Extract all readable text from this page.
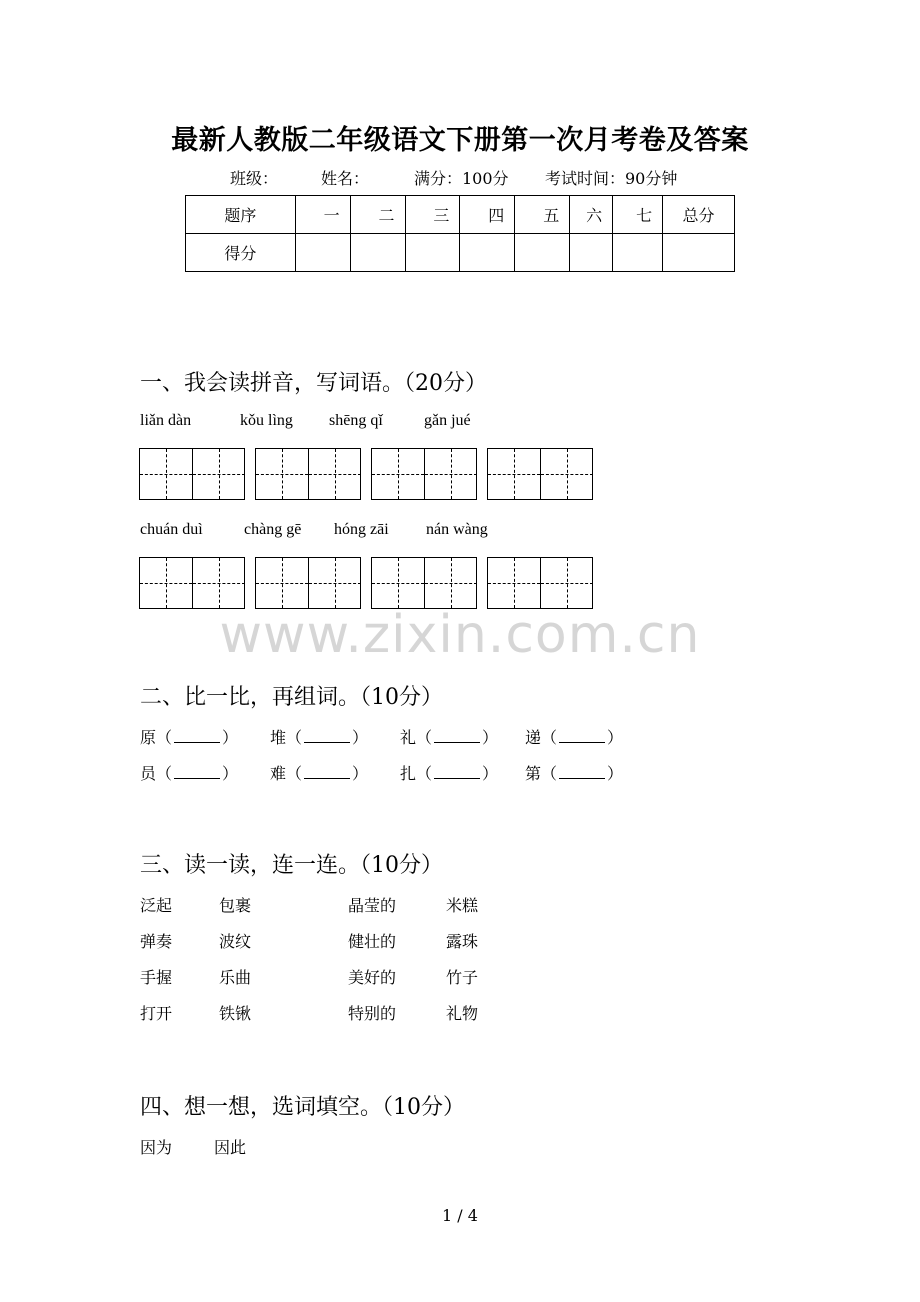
最新人教版二年级语文下册第一次月考卷及答案
班级：	姓名：	满分：100分 考试时间：90分钟
题序	一	二	三	四	五	六	七	总分
得分								
一、我会读拼音，写词语。（20分）
liǎn dàn	kǒu lìng shēng qǐ	gǎn jué
chuán duì	chàng gē hóng zāi nán wàng
www.zixin.com.cn
二、比一比，再组词。（10分）
原（	） 堆（	） 礼（	） 递（	）
员（	） 难（	） 扎（	） 第（	）
三、读一读，连一连。（10分）
泛起	包裹	晶莹的	米糕
弹奏	波纹	健壮的	露珠
手握	乐曲	美好的	竹子
打开	铁锹	特别的	礼物
四、想一想，选词填空。（10分）
因为	因此
1 / 4
